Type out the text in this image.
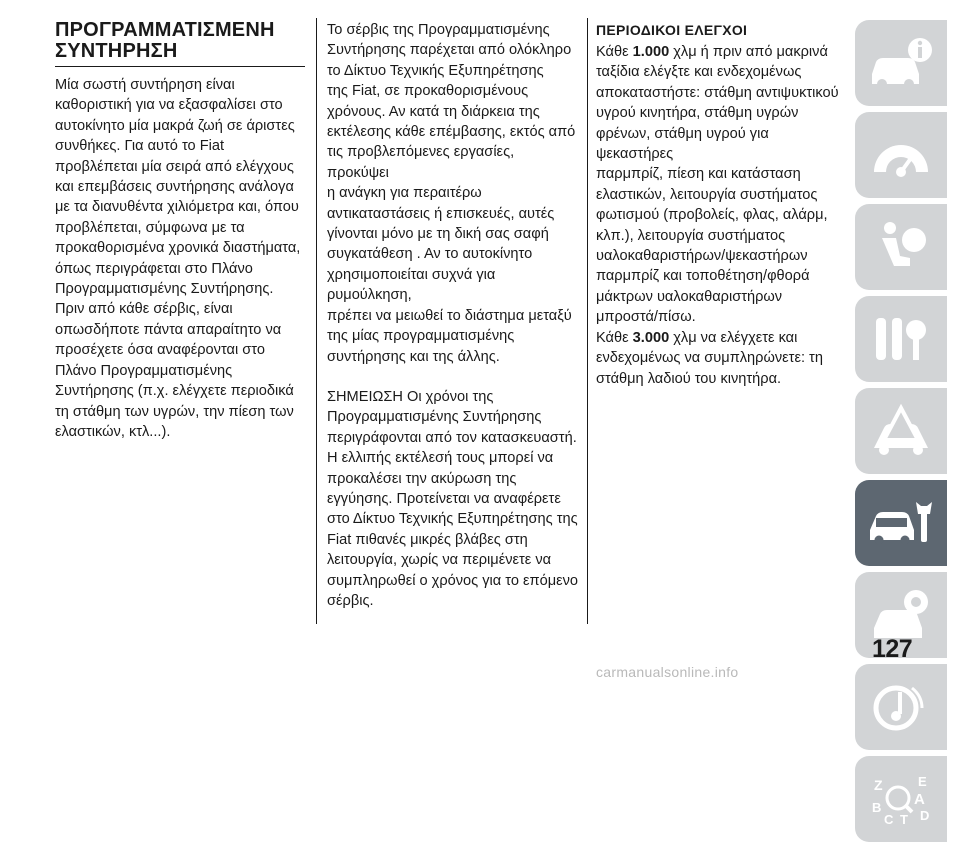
ΠΡΟΓΡΑΜΜΑΤΙΣΜΕΝΗ
ΣΥΝΤΗΡΗΣΗ

Μία σωστή συντήρηση είναι
καθοριστική για να εξασφαλίσει στο
αυτοκίνητο μία μακρά ζωή σε άριστες
συνθήκες. Για αυτό το Fiat
προβλέπεται μία σειρά από ελέγχους
και επεμβάσεις συντήρησης ανάλογα
με τα διανυθέντα χιλιόμετρα και, όπου
προβλέπεται, σύμφωνα με τα
προκαθορισμένα χρονικά διαστήματα,
όπως περιγράφεται στο Πλάνο
Προγραμματισμένης Συντήρησης.
Πριν από κάθε σέρβις, είναι
οπωσδήποτε πάντα απαραίτητο να
προσέχετε όσα αναφέρονται στο
Πλάνο Προγραμματισμένης
Συντήρησης (π.χ. ελέγχετε περιοδικά
τη στάθμη των υγρών, την πίεση των
ελαστικών, κτλ...).

Το σέρβις της Προγραμματισμένης
Συντήρησης παρέχεται από ολόκληρο
το Δίκτυο Τεχνικής Εξυπηρέτησης
της Fiat, σε προκαθορισμένους
χρόνους. Αν κατά τη διάρκεια της
εκτέλεσης κάθε επέμβασης, εκτός από
τις προβλεπόμενες εργασίες, προκύψει
η ανάγκη για περαιτέρω
αντικαταστάσεις ή επισκευές, αυτές
γίνονται μόνο με τη δική σας σαφή
συγκατάθεση . Αν το αυτοκίνητο
χρησιμοποιείται συχνά για ρυμούλκηση,
πρέπει να μειωθεί το διάστημα μεταξύ
της μίας προγραμματισμένης
συντήρησης και της άλλης.

ΣΗΜΕΙΩΣΗ Οι χρόνοι της
Προγραμματισμένης Συντήρησης
περιγράφονται από τον κατασκευαστή.
Η ελλιπής εκτέλεσή τους μπορεί να
προκαλέσει την ακύρωση της
εγγύησης. Προτείνεται να αναφέρετε
στο Δίκτυο Τεχνικής Εξυπηρέτησης της
Fiat πιθανές μικρές βλάβες στη
λειτουργία, χωρίς να περιμένετε να
συμπληρωθεί ο χρόνος για το επόμενο
σέρβις.

ΠΕΡΙΟΔΙΚΟΙ ΕΛΕΓΧΟΙ

Κάθε 1.000 χλμ ή πριν από μακρινά
ταξίδια ελέγξτε και ενδεχομένως
αποκαταστήστε: στάθμη αντιψυκτικού
υγρού κινητήρα, στάθμη υγρών
φρένων, στάθμη υγρού για ψεκαστήρες
παρμπρίζ, πίεση και κατάσταση
ελαστικών, λειτουργία συστήματος
φωτισμού (προβολείς, φλας, αλάρμ,
κλπ.), λειτουργία συστήματος
υαλοκαθαριστήρων/ψεκαστήρων
παρμπρίζ και τοποθέτηση/φθορά
μάκτρων υαλοκαθαριστήρων
μπροστά/πίσω.

Κάθε 3.000 χλμ να ελέγχετε και
ενδεχομένως να συμπληρώνετε: τη
στάθμη λαδιού του κινητήρα.

Z	E
A
B
C T D
127
carmanualsonline.info
